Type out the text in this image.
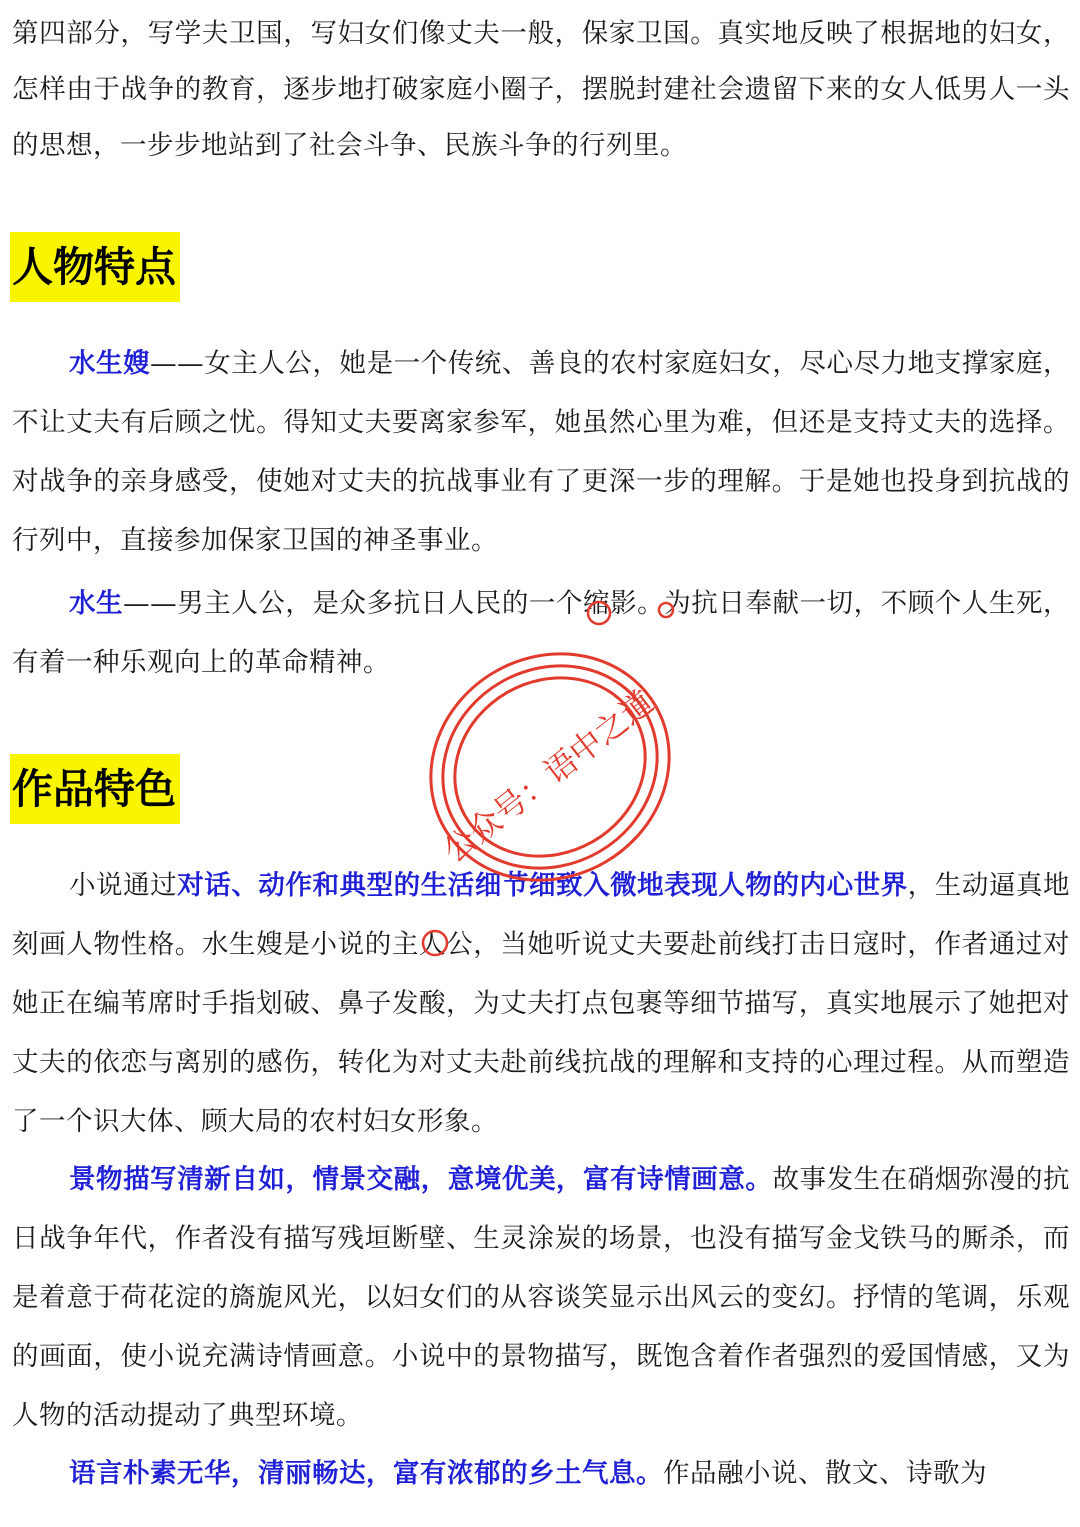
第四部分，写学夫卫国，写妇女们像丈夫一般，保家卫国。真实地反映了根据地的妇女，怎样由于战争的教育，逐步地打破家庭小圈子，摆脱封建社会遗留下来的女人低男人一头的思想，一步步地站到了社会斗争、民族斗争的行列里。

人物特点

水生嫂——女主人公，她是一个传统、善良的农村家庭妇女，尽心尽力地支撑家庭，不让丈夫有后顾之忧。得知丈夫要离家参军，她虽然心里为难，但还是支持丈夫的选择。对战争的亲身感受，使她对丈夫的抗战事业有了更深一步的理解。于是她也投身到抗战的行列中，直接参加保家卫国的神圣事业。

水生——男主人公，是众多抗日人民的一个缩影。为抗日奉献一切，不顾个人生死，有着一种乐观向上的革命精神。

作品特色

小说通过对话、动作和典型的生活细节细致入微地表现人物的内心世界，生动逼真地刻画人物性格。水生嫂是小说的主人公，当她听说丈夫要赴前线打击日寇时，作者通过对她正在编苇席时手指划破、鼻子发酸，为丈夫打点包裹等细节描写，真实地展示了她把对丈夫的依恋与离别的感伤，转化为对丈夫赴前线抗战的理解和支持的心理过程。从而塑造了一个识大体、顾大局的农村妇女形象。

景物描写清新自如，情景交融，意境优美，富有诗情画意。故事发生在硝烟弥漫的抗日战争年代，作者没有描写残垣断壁、生灵涂炭的场景，也没有描写金戈铁马的厮杀，而是着意于荷花淀的旖旎风光，以妇女们的从容谈笑显示出风云的变幻。抒情的笔调，乐观的画面，使小说充满诗情画意。小说中的景物描写，既饱含着作者强烈的爱国情感，又为人物的活动提动了典型环境。

语言朴素无华，清丽畅达，富有浓郁的乡土气息。作品融小说、散文、诗歌为

公众号：语中之道
